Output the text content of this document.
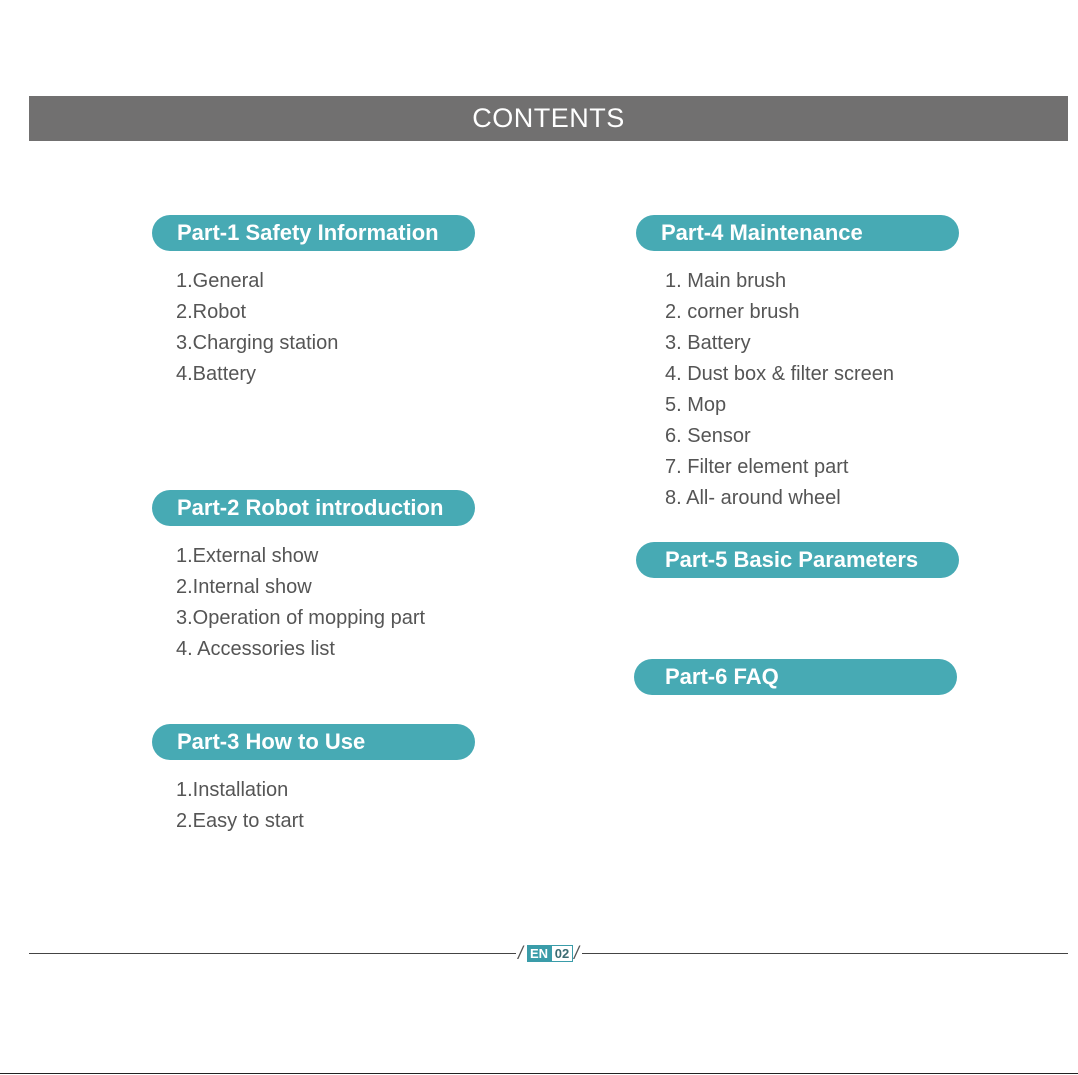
CONTENTS
Part-1 Safety Information
1.General
2.Robot
3.Charging station
4.Battery
Part-2 Robot introduction
1.External show
2.Internal show
3.Operation of mopping part
4. Accessories list
Part-3 How to Use
1.Installation
2.Easy to start
Part-4 Maintenance
1. Main brush
2. corner brush
3. Battery
4. Dust box & filter screen
5. Mop
6. Sensor
7. Filter element part
8. All- around wheel
Part-5 Basic Parameters
Part-6 FAQ
/ EN 02 /
